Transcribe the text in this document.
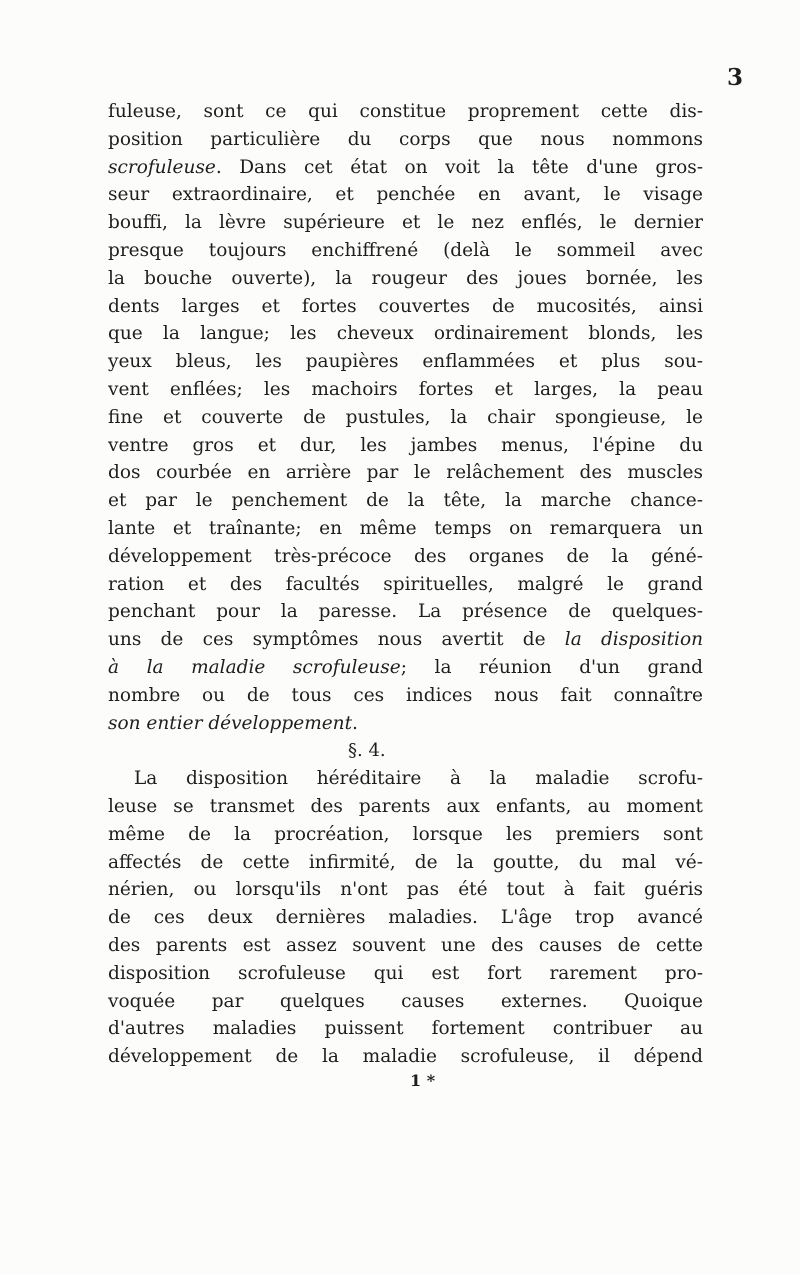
3
fuleuse, sont ce qui constitue proprement cette dis-
position particulière du corps que nous nommons
scrofuleuse. Dans cet état on voit la tête d'une gros-
seur extraordinaire, et penchée en avant, le visage
bouffi, la lèvre supérieure et le nez enflés, le dernier
presque toujours enchiffrené (delà le sommeil avec
la bouche ouverte), la rougeur des joues bornée, les
dents larges et fortes couvertes de mucosités, ainsi
que la langue; les cheveux ordinairement blonds, les
yeux bleus, les paupières enflammées et plus sou-
vent enflées; les machoirs fortes et larges, la peau
fine et couverte de pustules, la chair spongieuse, le
ventre gros et dur, les jambes menus, l'épine du
dos courbée en arrière par le relâchement des muscles
et par le penchement de la tête, la marche chance-
lante et traînante; en même temps on remarquera un
développement très-précoce des organes de la géné-
ration et des facultés spirituelles, malgré le grand
penchant pour la paresse. La présence de quelques-
uns de ces symptômes nous avertit de la disposition
à la maladie scrofuleuse; la réunion d'un grand
nombre ou de tous ces indices nous fait connaître
son entier développement.
§. 4.
La disposition héréditaire à la maladie scrofu-
leuse se transmet des parents aux enfants, au moment
même de la procréation, lorsque les premiers sont
affectés de cette infirmité, de la goutte, du mal vé-
nérien, ou lorsqu'ils n'ont pas été tout à fait guéris
de ces deux dernières maladies. L'âge trop avancé
des parents est assez souvent une des causes de cette
disposition scrofuleuse qui est fort rarement pro-
voquée par quelques causes externes. Quoique
d'autres maladies puissent fortement contribuer au
développement de la maladie scrofuleuse, il dépend
1 *
